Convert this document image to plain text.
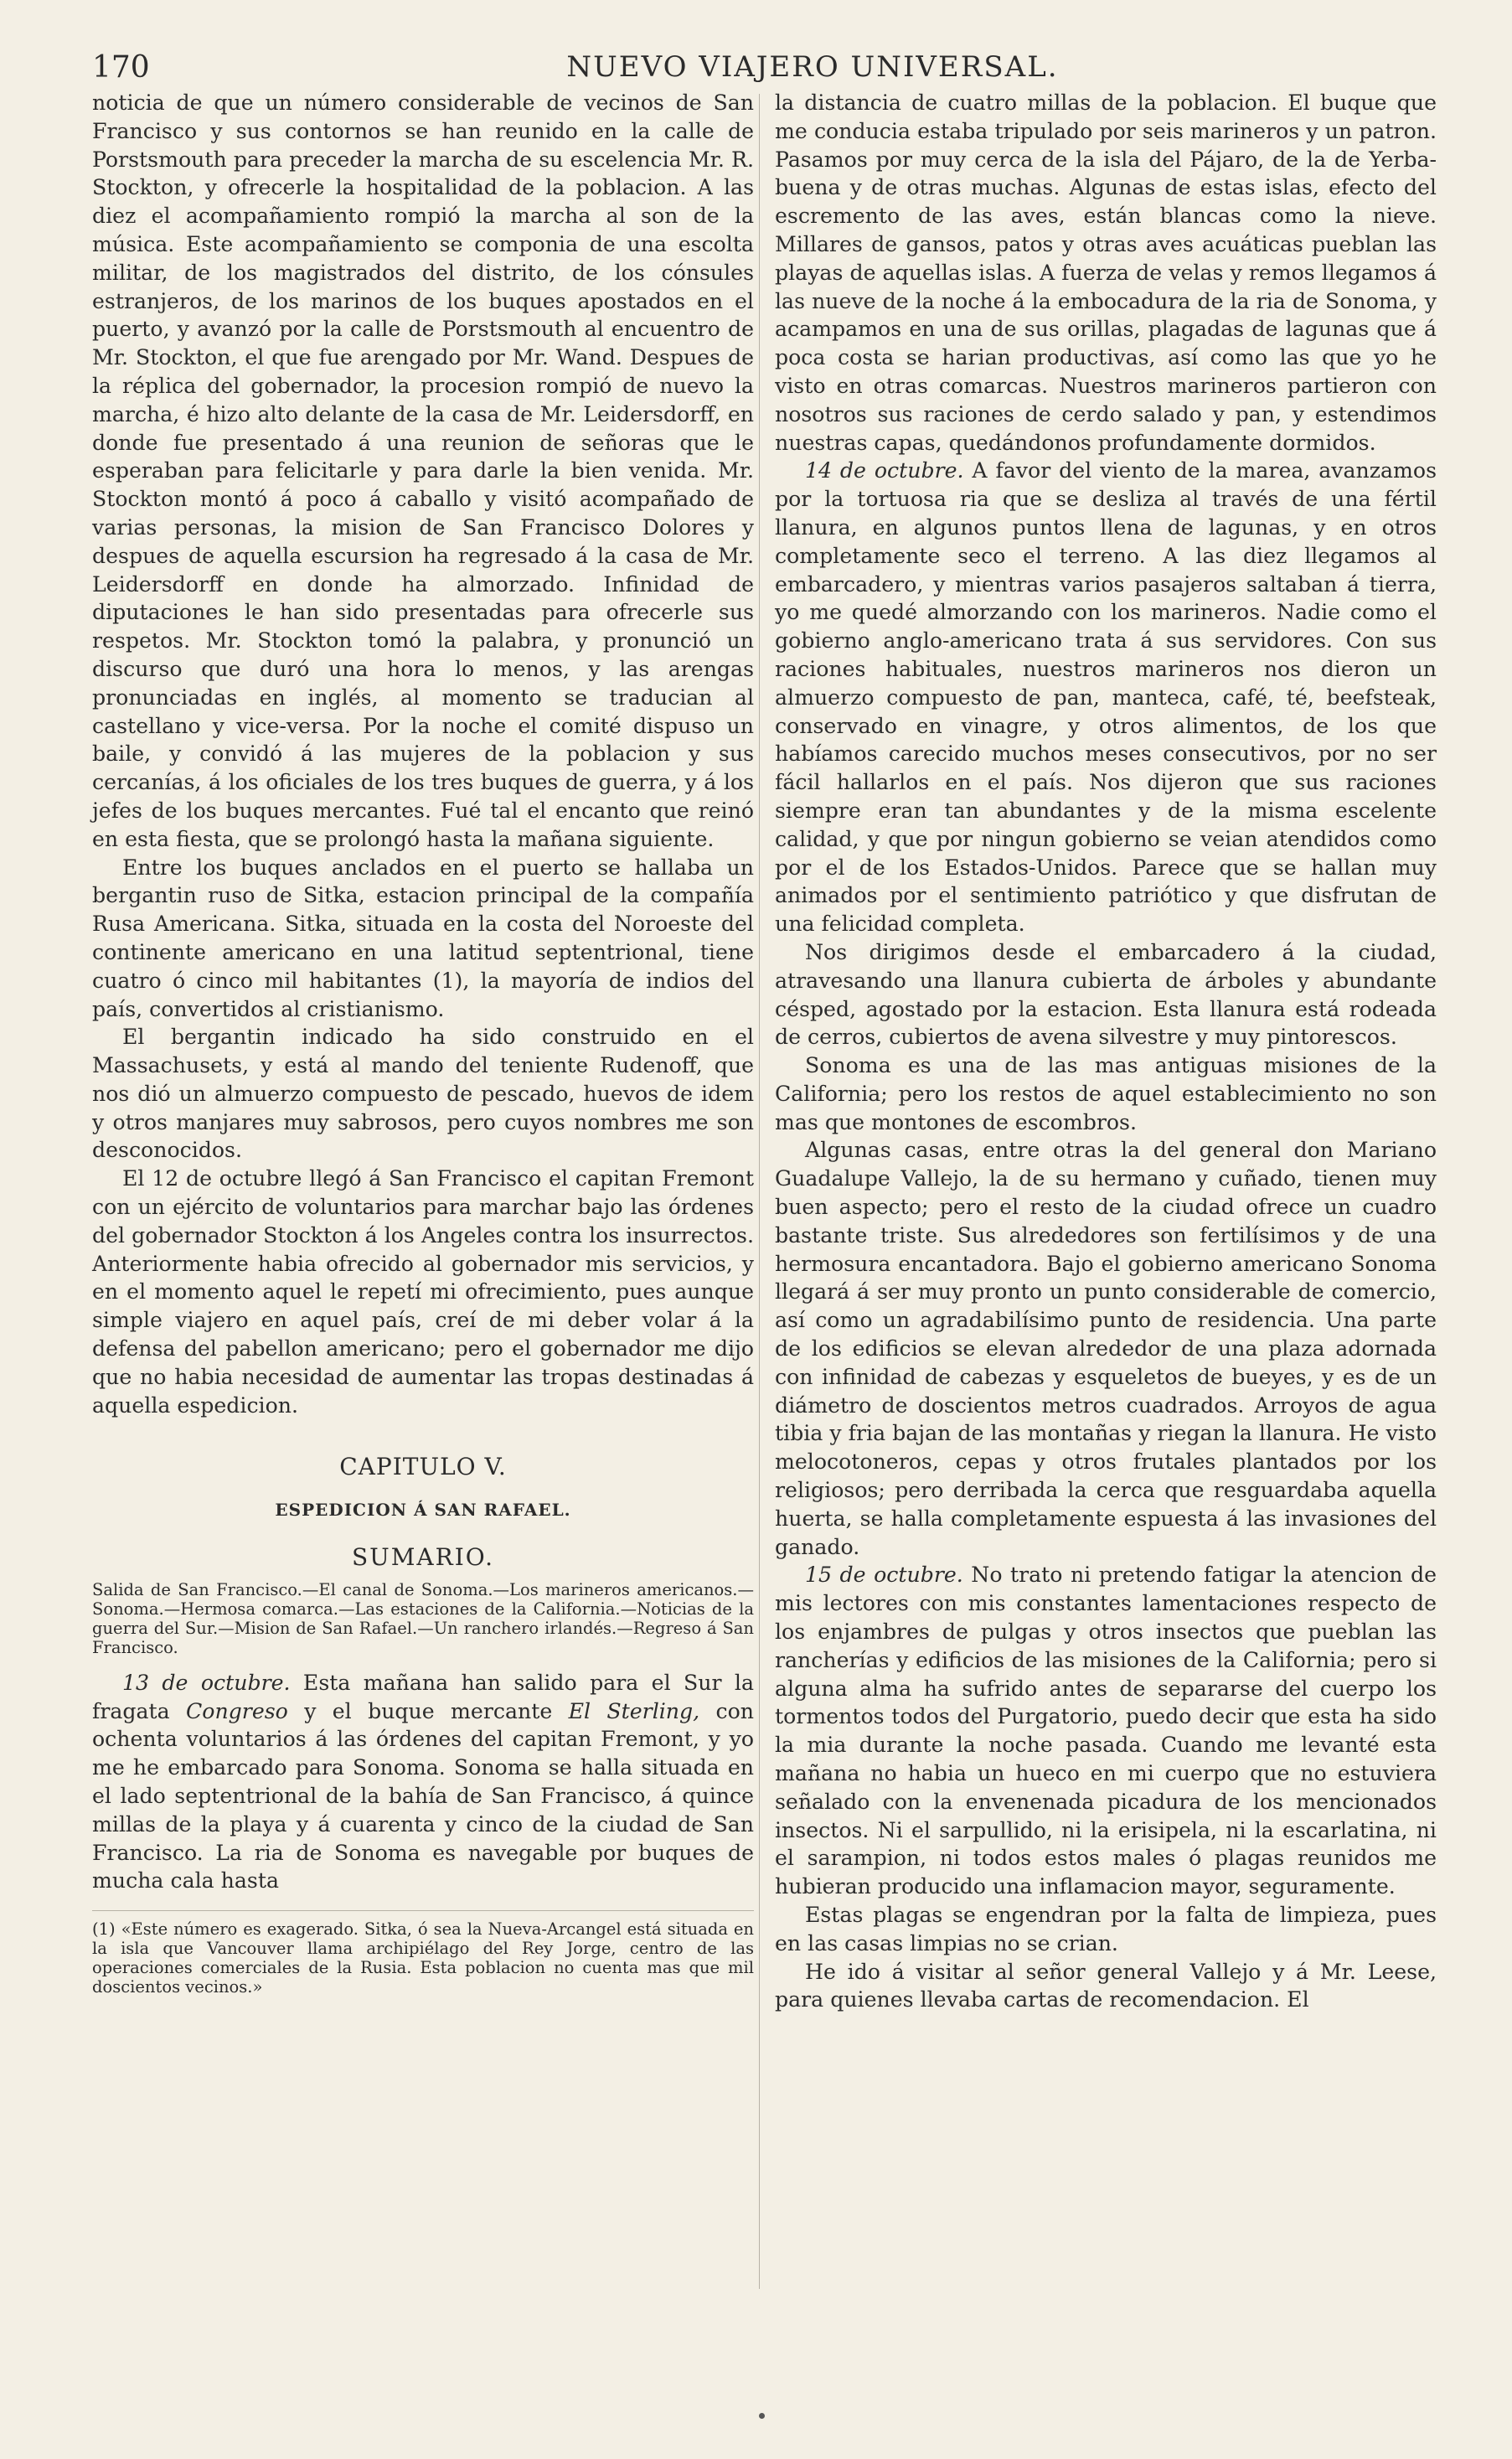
NUEVO VIAJERO UNIVERSAL.
170

noticia de que un número considerable de vecinos de San Francisco y sus contornos se han reunido en la calle de Porstsmouth para preceder la marcha de su escelencia Mr. R. Stockton, y ofrecerle la hospitalidad de la poblacion. A las diez el acompañamiento rompió la marcha al son de la música. Este acompañamiento se componia de una escolta militar, de los magistrados del distrito, de los cónsules estranjeros, de los marinos de los buques apostados en el puerto, y avanzó por la calle de Porstsmouth al encuentro de Mr. Stockton, el que fue arengado por Mr. Wand. Despues de la réplica del gobernador, la procesion rompió de nuevo la marcha, é hizo alto delante de la casa de Mr. Leidersdorff, en donde fue presentado á una reunion de señoras que le esperaban para felicitarle y para darle la bien venida. Mr. Stockton montó á poco á caballo y visitó acompañado de varias personas, la mision de San Francisco Dolores y despues de aquella escursion ha regresado á la casa de Mr. Leidersdorff en donde ha almorzado. Infinidad de diputaciones le han sido presentadas para ofrecerle sus respetos. Mr. Stockton tomó la palabra, y pronunció un discurso que duró una hora lo menos, y las arengas pronunciadas en inglés, al momento se traducian al castellano y vice-versa. Por la noche el comité dispuso un baile, y convidó á las mujeres de la poblacion y sus cercanías, á los oficiales de los tres buques de guerra, y á los jefes de los buques mercantes. Fué tal el encanto que reinó en esta fiesta, que se prolongó hasta la mañana siguiente.

Entre los buques anclados en el puerto se hallaba un bergantin ruso de Sitka, estacion principal de la compañía Rusa Americana. Sitka, situada en la costa del Noroeste del continente americano en una latitud septentrional, tiene cuatro ó cinco mil habitantes (1), la mayoría de indios del país, convertidos al cristianismo.

El bergantin indicado ha sido construido en el Massachusets, y está al mando del teniente Rudenoff, que nos dió un almuerzo compuesto de pescado, huevos de idem y otros manjares muy sabrosos, pero cuyos nombres me son desconocidos.

El 12 de octubre llegó á San Francisco el capitan Fremont con un ejército de voluntarios para marchar bajo las órdenes del gobernador Stockton á los Angeles contra los insurrectos. Anteriormente habia ofrecido al gobernador mis servicios, y en el momento aquel le repetí mi ofrecimiento, pues aunque simple viajero en aquel país, creí de mi deber volar á la defensa del pabellon americano; pero el gobernador me dijo que no habia necesidad de aumentar las tropas destinadas á aquella espedicion.

CAPITULO V.

ESPEDICION Á SAN RAFAEL.

SUMARIO.

Salida de San Francisco.—El canal de Sonoma.—Los marineros americanos.—Sonoma.—Hermosa comarca.—Las estaciones de la California.—Noticias de la guerra del Sur.—Mision de San Rafael.—Un ranchero irlandés.—Regreso á San Francisco.

13 de octubre. Esta mañana han salido para el Sur la fragata Congreso y el buque mercante El Sterling, con ochenta voluntarios á las órdenes del capitan Fremont, y yo me he embarcado para Sonoma. Sonoma se halla situada en el lado septentrional de la bahía de San Francisco, á quince millas de la playa y á cuarenta y cinco de la ciudad de San Francisco. La ria de Sonoma es navegable por buques de mucha cala hasta

(1) «Este número es exagerado. Sitka, ó sea la Nueva-Arcangel está situada en la isla que Vancouver llama archipiélago del Rey Jorge, centro de las operaciones comerciales de la Rusia. Esta poblacion no cuenta mas que mil doscientos vecinos.»

la distancia de cuatro millas de la poblacion. El buque que me conducia estaba tripulado por seis marineros y un patron. Pasamos por muy cerca de la isla del Pájaro, de la de Yerba-buena y de otras muchas. Algunas de estas islas, efecto del escremento de las aves, están blancas como la nieve. Millares de gansos, patos y otras aves acuáticas pueblan las playas de aquellas islas. A fuerza de velas y remos llegamos á las nueve de la noche á la embocadura de la ria de Sonoma, y acampamos en una de sus orillas, plagadas de lagunas que á poca costa se harian productivas, así como las que yo he visto en otras comarcas. Nuestros marineros partieron con nosotros sus raciones de cerdo salado y pan, y estendimos nuestras capas, quedándonos profundamente dormidos.

14 de octubre. A favor del viento de la marea, avanzamos por la tortuosa ria que se desliza al través de una fértil llanura, en algunos puntos llena de lagunas, y en otros completamente seco el terreno. A las diez llegamos al embarcadero, y mientras varios pasajeros saltaban á tierra, yo me quedé almorzando con los marineros. Nadie como el gobierno anglo-americano trata á sus servidores. Con sus raciones habituales, nuestros marineros nos dieron un almuerzo compuesto de pan, manteca, café, té, beefsteak, conservado en vinagre, y otros alimentos, de los que habíamos carecido muchos meses consecutivos, por no ser fácil hallarlos en el país. Nos dijeron que sus raciones siempre eran tan abundantes y de la misma escelente calidad, y que por ningun gobierno se veian atendidos como por el de los Estados-Unidos. Parece que se hallan muy animados por el sentimiento patriótico y que disfrutan de una felicidad completa.

Nos dirigimos desde el embarcadero á la ciudad, atravesando una llanura cubierta de árboles y abundante césped, agostado por la estacion. Esta llanura está rodeada de cerros, cubiertos de avena silvestre y muy pintorescos.

Sonoma es una de las mas antiguas misiones de la California; pero los restos de aquel establecimiento no son mas que montones de escombros.

Algunas casas, entre otras la del general don Mariano Guadalupe Vallejo, la de su hermano y cuñado, tienen muy buen aspecto; pero el resto de la ciudad ofrece un cuadro bastante triste. Sus alrededores son fertilísimos y de una hermosura encantadora. Bajo el gobierno americano Sonoma llegará á ser muy pronto un punto considerable de comercio, así como un agradabilísimo punto de residencia. Una parte de los edificios se elevan alrededor de una plaza adornada con infinidad de cabezas y esqueletos de bueyes, y es de un diámetro de doscientos metros cuadrados. Arroyos de agua tibia y fria bajan de las montañas y riegan la llanura. He visto melocotoneros, cepas y otros frutales plantados por los religiosos; pero derribada la cerca que resguardaba aquella huerta, se halla completamente espuesta á las invasiones del ganado.

15 de octubre. No trato ni pretendo fatigar la atencion de mis lectores con mis constantes lamentaciones respecto de los enjambres de pulgas y otros insectos que pueblan las rancherías y edificios de las misiones de la California; pero si alguna alma ha sufrido antes de separarse del cuerpo los tormentos todos del Purgatorio, puedo decir que esta ha sido la mia durante la noche pasada. Cuando me levanté esta mañana no habia un hueco en mi cuerpo que no estuviera señalado con la envenenada picadura de los mencionados insectos. Ni el sarpullido, ni la erisipela, ni la escarlatina, ni el sarampion, ni todos estos males ó plagas reunidos me hubieran producido una inflamacion mayor, seguramente.

Estas plagas se engendran por la falta de limpieza, pues en las casas limpias no se crian.

He ido á visitar al señor general Vallejo y á Mr. Leese, para quienes llevaba cartas de recomendacion. El
